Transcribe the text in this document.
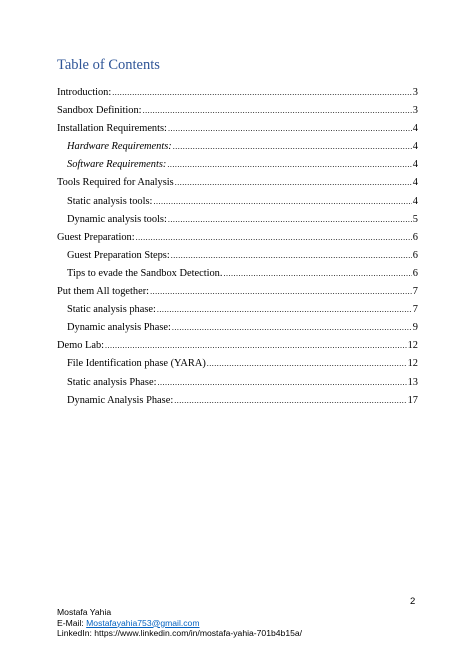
Table of Contents
Introduction: .....	3
Sandbox Definition: .....	3
Installation Requirements: .....	4
Hardware Requirements: .....	4
Software Requirements: .....	4
Tools Required for Analysis .....	4
Static analysis tools: .....	4
Dynamic analysis tools: .....	5
Guest Preparation: .....	6
Guest Preparation Steps: .....	6
Tips to evade the Sandbox Detection. .....	6
Put them All together: .....	7
Static analysis phase: .....	7
Dynamic analysis Phase: .....	9
Demo Lab: .....	12
File Identification phase (YARA) .....	12
Static analysis Phase: .....	13
Dynamic Analysis Phase: .....	17
2
Mostafa Yahia
E-Mail: Mostafayahia753@gmail.com
LinkedIn: https://www.linkedin.com/in/mostafa-yahia-701b4b15a/
